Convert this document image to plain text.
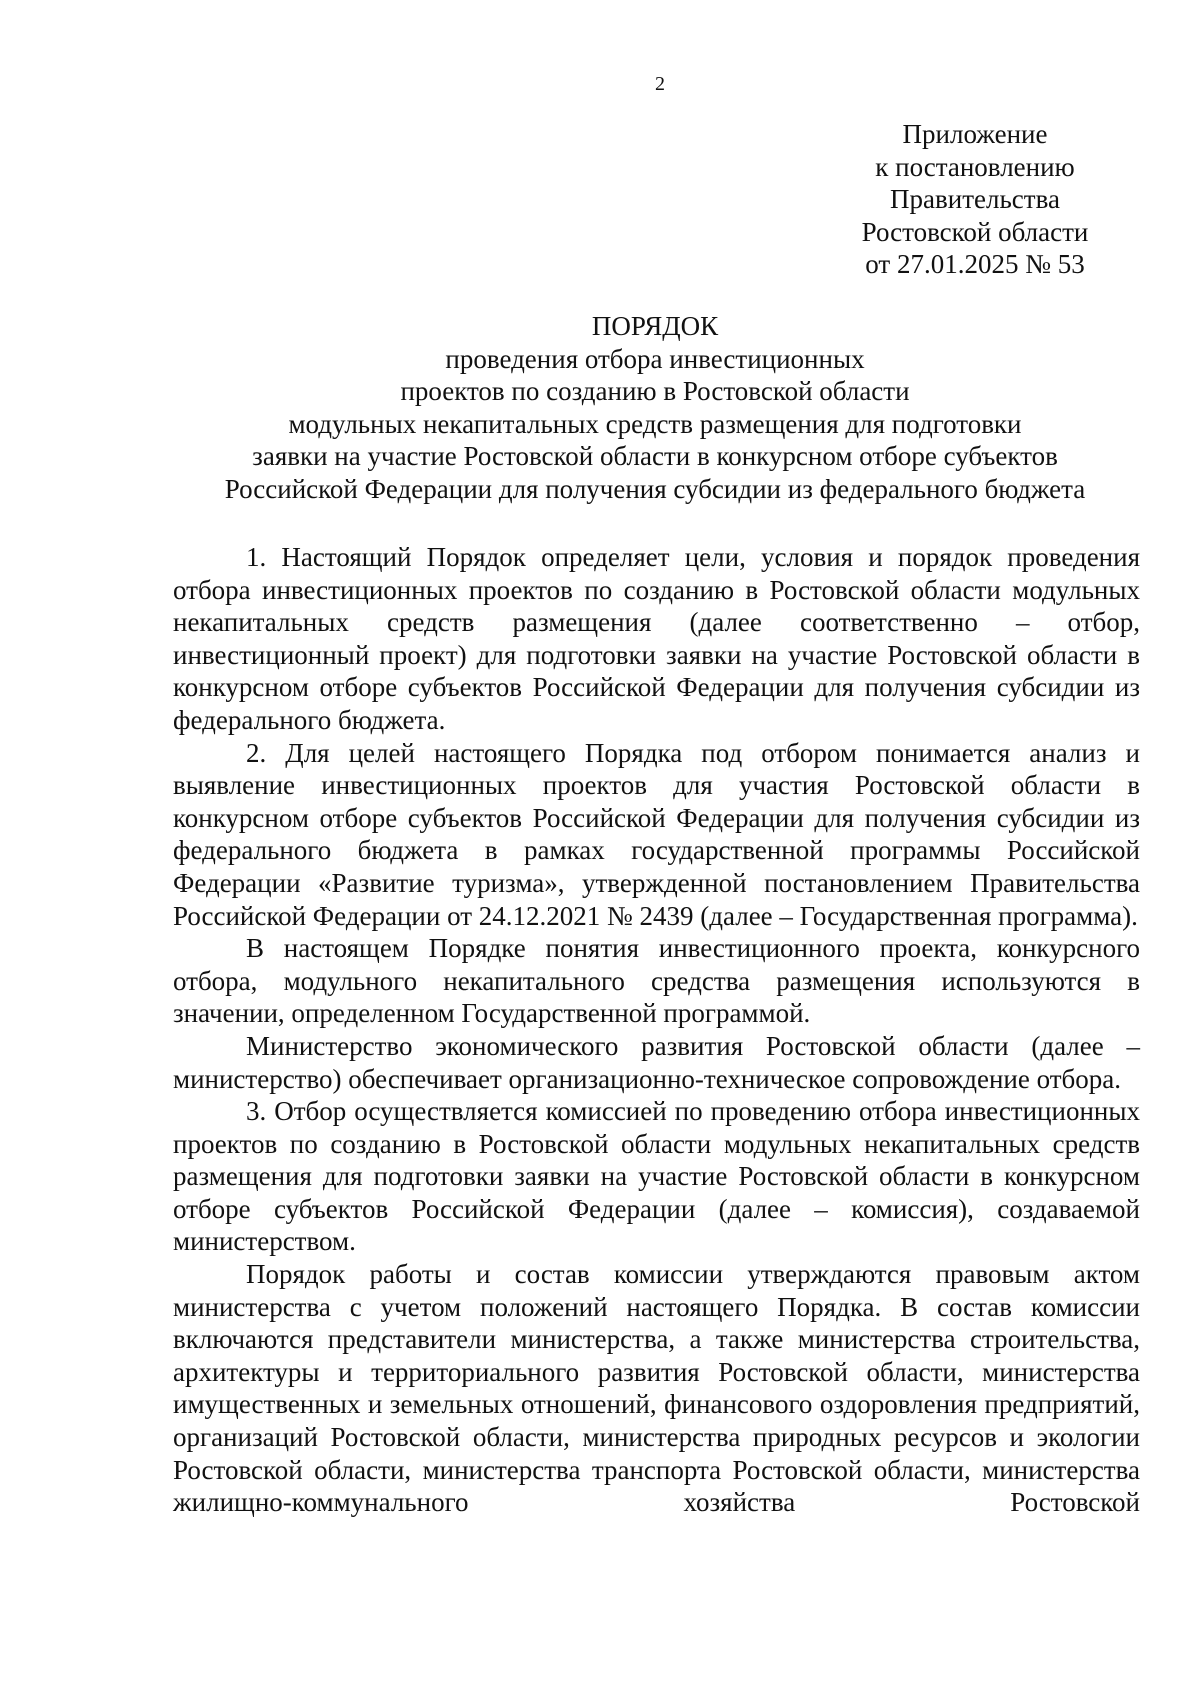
2
Приложение
к постановлению
Правительства
Ростовской области
от 27.01.2025 № 53
ПОРЯДОК
проведения отбора инвестиционных
проектов по созданию в Ростовской области
модульных некапитальных средств размещения для подготовки
заявки на участие Ростовской области в конкурсном отборе субъектов
Российской Федерации для получения субсидии из федерального бюджета

1. Настоящий Порядок определяет цели, условия и порядок проведения отбора инвестиционных проектов по созданию в Ростовской области модульных некапитальных средств размещения (далее соответственно – отбор, инвестиционный проект) для подготовки заявки на участие Ростовской области в конкурсном отборе субъектов Российской Федерации для получения субсидии из федерального бюджета.

2. Для целей настоящего Порядка под отбором понимается анализ и выявление инвестиционных проектов для участия Ростовской области в конкурсном отборе субъектов Российской Федерации для получения субсидии из федерального бюджета в рамках государственной программы Российской Федерации «Развитие туризма», утвержденной постановлением Правительства Российской Федерации от 24.12.2021 № 2439 (далее – Государственная программа).

В настоящем Порядке понятия инвестиционного проекта, конкурсного отбора, модульного некапитального средства размещения используются в значении, определенном Государственной программой.

Министерство экономического развития Ростовской области (далее – министерство) обеспечивает организационно-техническое сопровождение отбора.

3. Отбор осуществляется комиссией по проведению отбора инвестиционных проектов по созданию в Ростовской области модульных некапитальных средств размещения для подготовки заявки на участие Ростовской области в конкурсном отборе субъектов Российской Федерации (далее – комиссия), создаваемой министерством.

Порядок работы и состав комиссии утверждаются правовым актом министерства с учетом положений настоящего Порядка. В состав комиссии включаются представители министерства, а также министерства строительства, архитектуры и территориального развития Ростовской области, министерства имущественных и земельных отношений, финансового оздоровления предприятий, организаций Ростовской области, министерства природных ресурсов и экологии Ростовской области, министерства транспорта Ростовской области, министерства жилищно-коммунального хозяйства Ростовской
